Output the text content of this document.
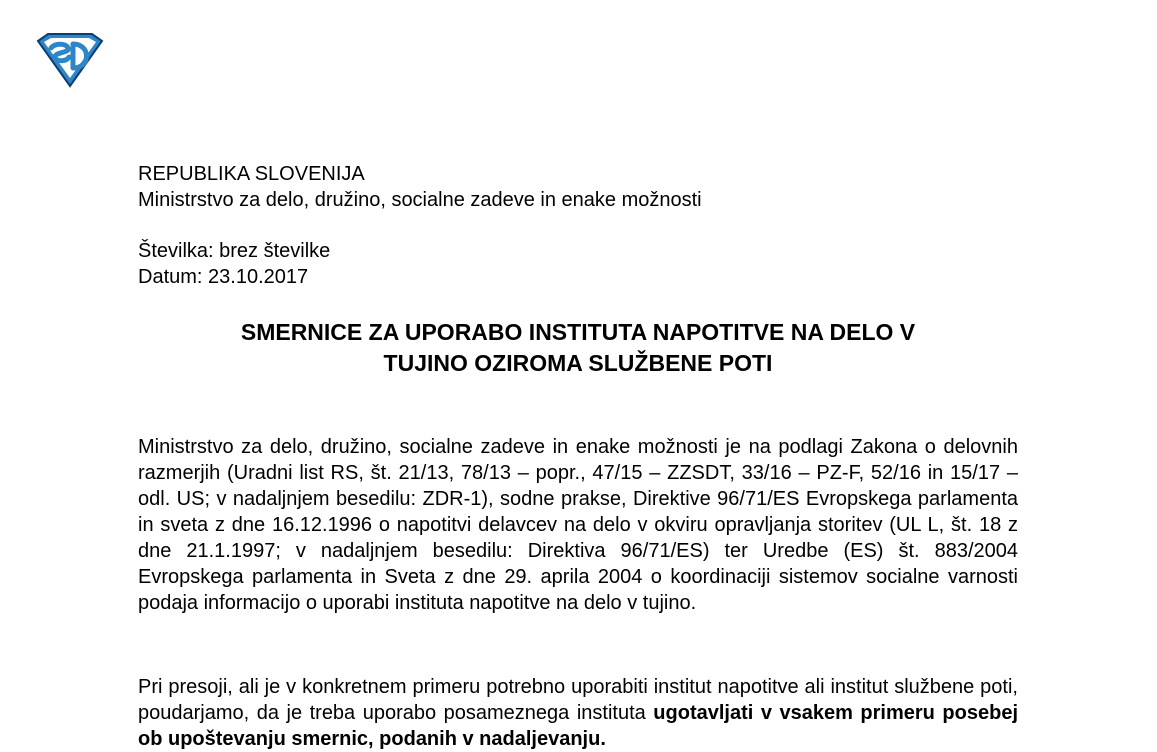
REPUBLIKA SLOVENIJA
Ministrstvo za delo, družino, socialne zadeve in enake možnosti
Številka: brez številke
Datum: 23.10.2017
SMERNICE ZA UPORABO INSTITUTA NAPOTITVE NA DELO V
TUJINO OZIROMA SLUŽBENE POTI
Ministrstvo za delo, družino, socialne zadeve in enake možnosti je na podlagi Zakona o delovnih razmerjih (Uradni list RS, št. 21/13, 78/13 – popr., 47/15 – ZZSDT, 33/16 – PZ-F, 52/16 in 15/17 – odl. US; v nadaljnjem besedilu: ZDR-1), sodne prakse, Direktive 96/71/ES Evropskega parlamenta in sveta z dne 16.12.1996 o napotitvi delavcev na delo v okviru opravljanja storitev (UL L, št. 18 z dne 21.1.1997; v nadaljnjem besedilu: Direktiva 96/71/ES) ter Uredbe (ES) št. 883/2004 Evropskega parlamenta in Sveta z dne 29. aprila 2004 o koordinaciji sistemov socialne varnosti podaja informacijo o uporabi instituta napotitve na delo v tujino.
Pri presoji, ali je v konkretnem primeru potrebno uporabiti institut napotitve ali institut službene poti, poudarjamo, da je treba uporabo posameznega instituta ugotavljati v vsakem primeru posebej ob upoštevanju smernic, podanih v nadaljevanju.
